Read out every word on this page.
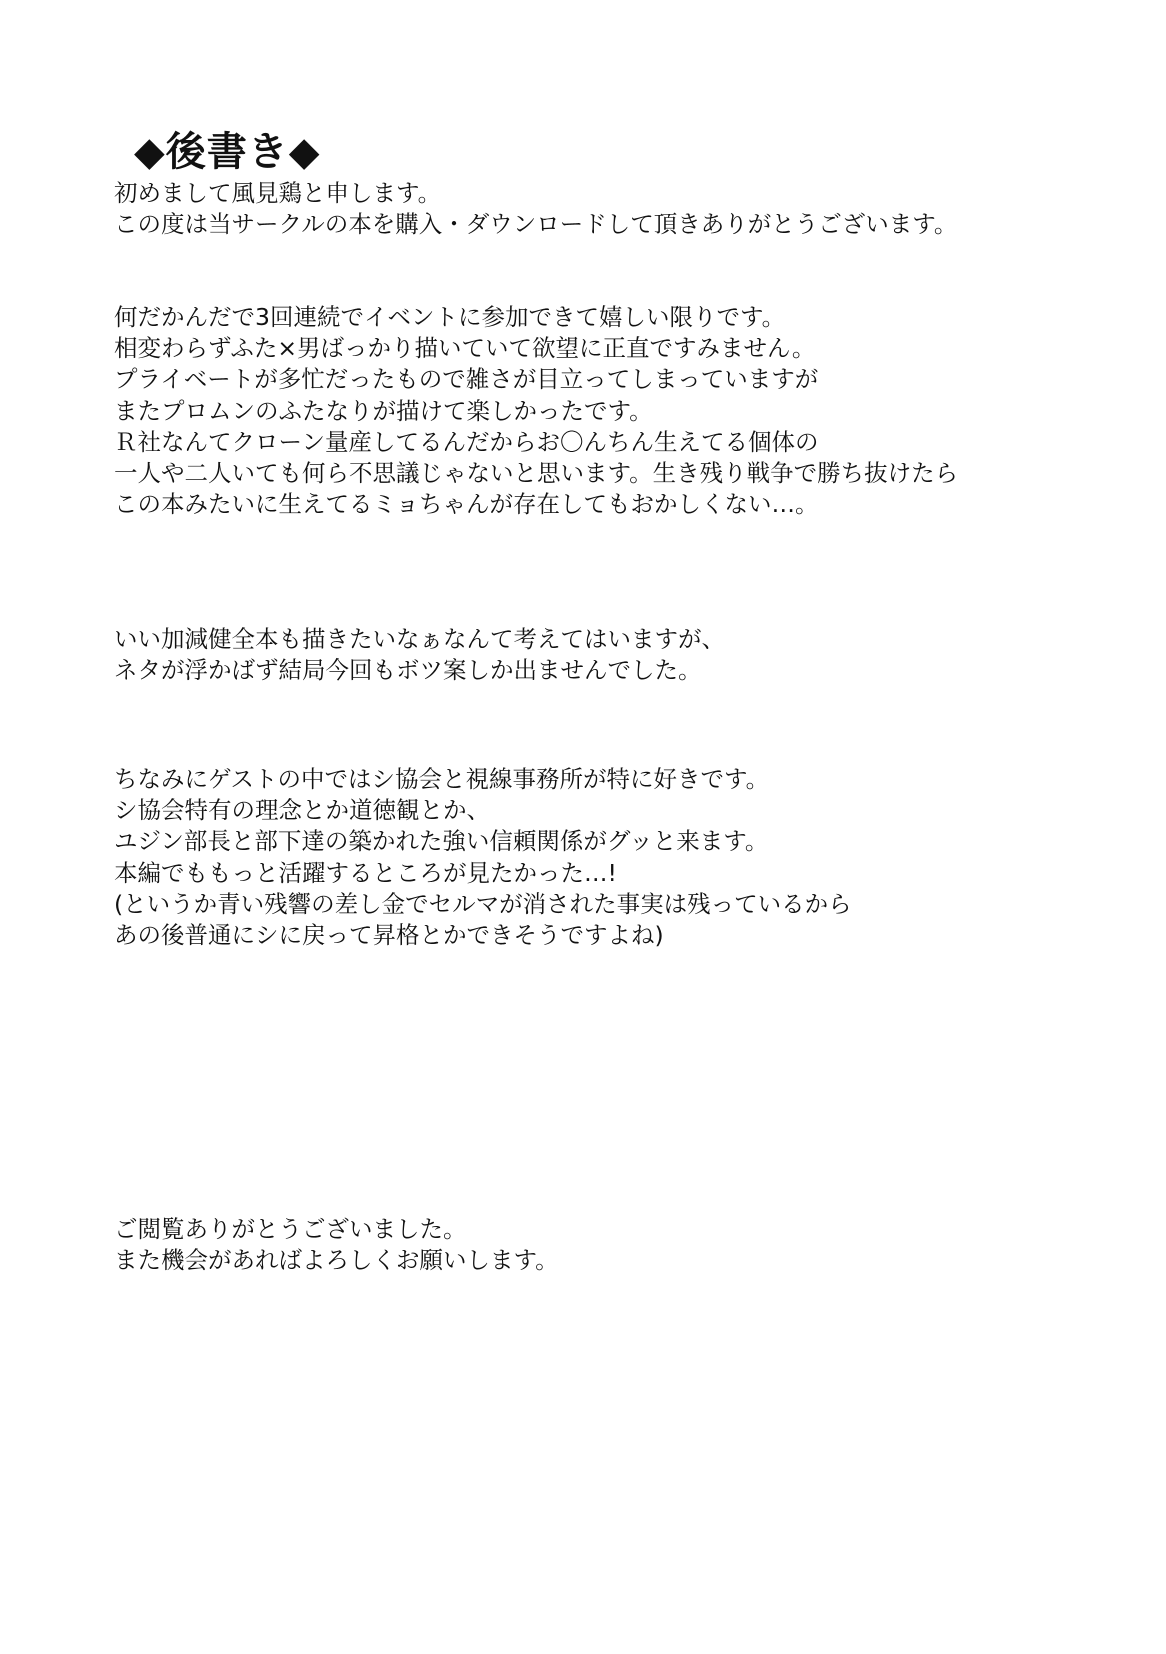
◆後書き◆
初めまして風見鶏と申します。
この度は当サークルの本を購入・ダウンロードして頂きありがとうございます。
何だかんだで3回連続でイベントに参加できて嬉しい限りです。
相変わらずふた×男ばっかり描いていて欲望に正直ですみません。
プライベートが多忙だったもので雑さが目立ってしまっていますが
またプロムンのふたなりが描けて楽しかったです。
Ｒ社なんてクローン量産してるんだからお〇んちん生えてる個体の
一人や二人いても何ら不思議じゃないと思います。生き残り戦争で勝ち抜けたら
この本みたいに生えてるミョちゃんが存在してもおかしくない…。
いい加減健全本も描きたいなぁなんて考えてはいますが、
ネタが浮かばず結局今回もボツ案しか出ませんでした。
ちなみにゲストの中ではシ協会と視線事務所が特に好きです。
シ協会特有の理念とか道徳観とか、
ユジン部長と部下達の築かれた強い信頼関係がグッと来ます。
本編でももっと活躍するところが見たかった…!
(というか青い残響の差し金でセルマが消された事実は残っているから
あの後普通にシに戻って昇格とかできそうですよね)
ご閲覧ありがとうございました。
また機会があればよろしくお願いします。
